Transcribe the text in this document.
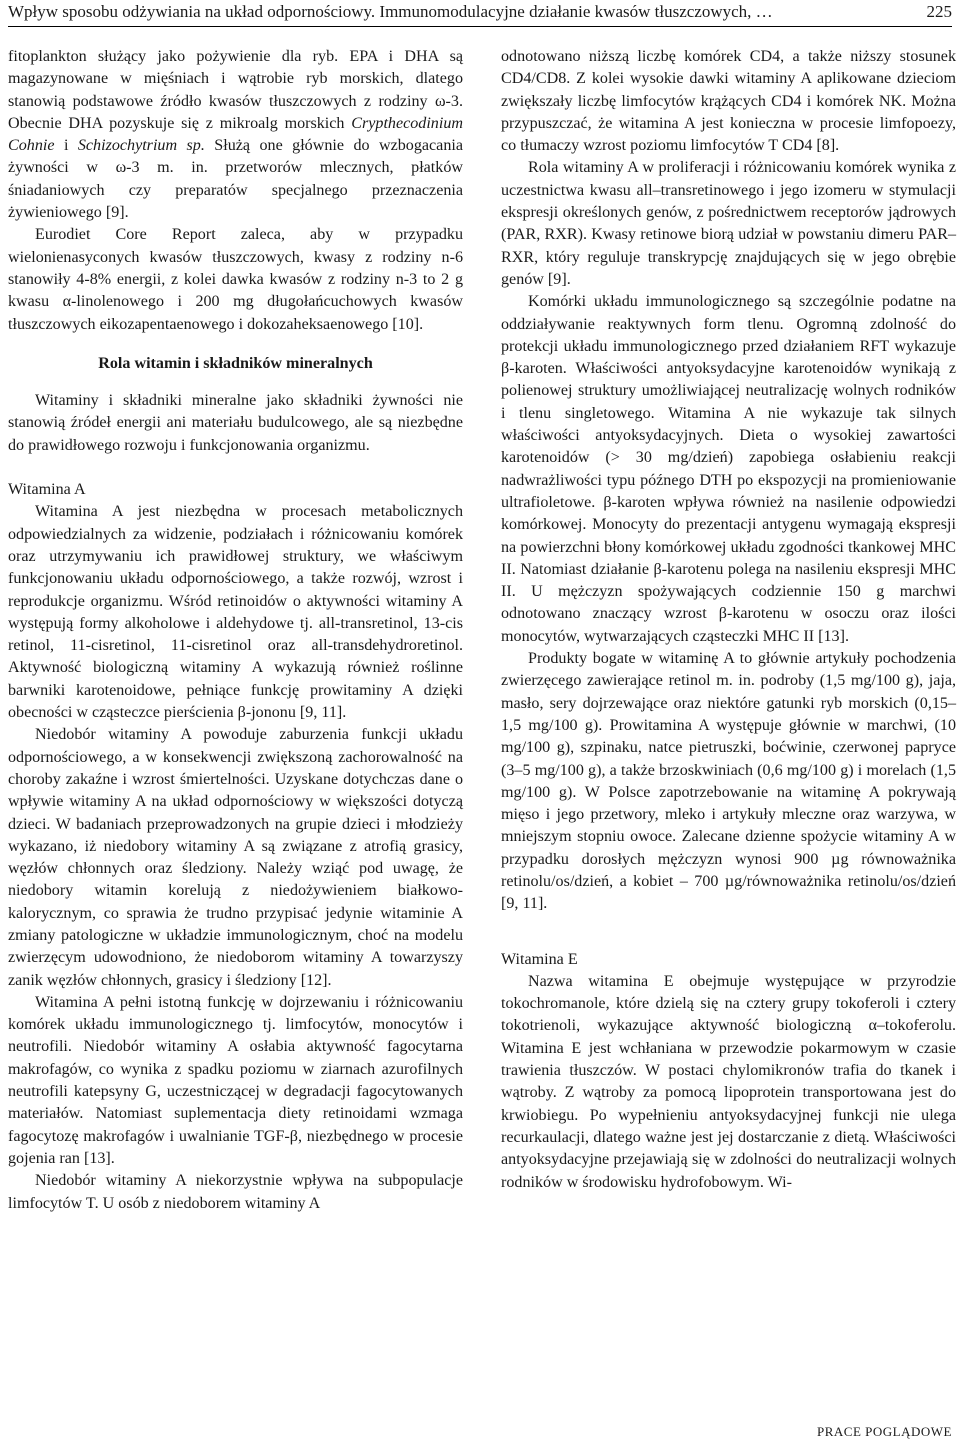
Wpływ sposobu odżywiania na układ odpornościowy. Immunomodulacyjne działanie kwasów tłuszczowych, …	225

fitoplankton służący jako pożywienie dla ryb. EPA i DHA są magazynowane w mięśniach i wątrobie ryb morskich, dlatego stanowią podstawowe źródło kwasów tłuszczowych z rodziny ω-3. Obecnie DHA pozyskuje się z mikroalg morskich Crypthecodinium Cohnie i Schizochytrium sp. Służą one głównie do wzbogacania żywności w ω-3 m. in. przetworów mlecznych, płatków śniadaniowych czy preparatów specjalnego przeznaczenia żywieniowego [9].

Eurodiet Core Report zaleca, aby w przypadku wielonienasyconych kwasów tłuszczowych, kwasy z rodziny n-6 stanowiły 4-8% energii, z kolei dawka kwasów z rodziny n-3 to 2 g kwasu α-linolenowego i 200 mg długołańcuchowych kwasów tłuszczowych eikozapentaenowego i dokozaheksaenowego [10].

Rola witamin i składników mineralnych

Witaminy i składniki mineralne jako składniki żywności nie stanowią źródeł energii ani materiału budulcowego, ale są niezbędne do prawidłowego rozwoju i funkcjonowania organizmu.

Witamina A

Witamina A jest niezbędna w procesach metabolicznych odpowiedzialnych za widzenie, podziałach i różnicowaniu komórek oraz utrzymywaniu ich prawidłowej struktury, we właściwym funkcjonowaniu układu odpornościowego, a także rozwój, wzrost i reprodukcje organizmu. Wśród retinoidów o aktywności witaminy A występują formy alkoholowe i aldehydowe tj. all-transretinol, 13-cis retinol, 11-cisretinol, 11-cisretinol oraz all-transdehydroretinol. Aktywność biologiczną witaminy A wykazują również roślinne barwniki karotenoidowe, pełniące funkcję prowitaminy A dzięki obecności w cząsteczce pierścienia β-jononu [9, 11].

Niedobór witaminy A powoduje zaburzenia funkcji układu odpornościowego, a w konsekwencji zwiększoną zachorowalność na choroby zakaźne i wzrost śmiertelności. Uzyskane dotychczas dane o wpływie witaminy A na układ odpornościowy w większości dotyczą dzieci. W badaniach przeprowadzonych na grupie dzieci i młodzieży wykazano, iż niedobory witaminy A są związane z atrofią grasicy, węzłów chłonnych oraz śledziony. Należy wziąć pod uwagę, że niedobory witamin korelują z niedożywieniem białkowo-kalorycznym, co sprawia że trudno przypisać jedynie witaminie A zmiany patologiczne w układzie immunologicznym, choć na modelu zwierzęcym udowodniono, że niedoborom witaminy A towarzyszy zanik węzłów chłonnych, grasicy i śledziony [12].

Witamina A pełni istotną funkcję w dojrzewaniu i różnicowaniu komórek układu immunologicznego tj. limfocytów, monocytów i neutrofili. Niedobór witaminy A osłabia aktywność fagocytarna makrofagów, co wynika z spadku poziomu w ziarnach azurofilnych neutrofili katepsyny G, uczestniczącej w degradacji fagocytowanych materiałów. Natomiast suplementacja diety retinoidami wzmaga fagocytozę makrofagów i uwalnianie TGF-β, niezbędnego w procesie gojenia ran [13].

Niedobór witaminy A niekorzystnie wpływa na subpopulacje limfocytów T. U osób z niedoborem witaminy A

odnotowano niższą liczbę komórek CD4, a także niższy stosunek CD4/CD8. Z kolei wysokie dawki witaminy A aplikowane dzieciom zwiększały liczbę limfocytów krążących CD4 i komórek NK. Można przypuszczać, że witamina A jest konieczna w procesie limfopoezy, co tłumaczy wzrost poziomu limfocytów T CD4 [8].

Rola witaminy A w proliferacji i różnicowaniu komórek wynika z uczestnictwa kwasu all–transretinowego i jego izomeru w stymulacji ekspresji określonych genów, z pośrednictwem receptorów jądrowych (PAR, RXR). Kwasy retinowe biorą udział w powstaniu dimeru PAR–RXR, który reguluje transkrypcję znajdujących się w jego obrębie genów [9].

Komórki układu immunologicznego są szczególnie podatne na oddziaływanie reaktywnych form tlenu. Ogromną zdolność do protekcji układu immunologicznego przed działaniem RFT wykazuje β-karoten. Właściwości antyoksydacyjne karotenoidów wynikają z polienowej struktury umożliwiającej neutralizację wolnych rodników i tlenu singletowego. Witamina A nie wykazuje tak silnych właściwości antyoksydacyjnych. Dieta o wysokiej zawartości karotenoidów (> 30 mg/dzień) zapobiega osłabieniu reakcji nadwrażliwości typu późnego DTH po ekspozycji na promieniowanie ultrafioletowe. β-karoten wpływa również na nasilenie odpowiedzi komórkowej. Monocyty do prezentacji antygenu wymagają ekspresji na powierzchni błony komórkowej układu zgodności tkankowej MHC II. Natomiast działanie β-karotenu polega na nasileniu ekspresji MHC II. U mężczyzn spożywających codziennie 150 g marchwi odnotowano znaczący wzrost β-karotenu w osoczu oraz ilości monocytów, wytwarzających cząsteczki MHC II [13].

Produkty bogate w witaminę A to głównie artykuły pochodzenia zwierzęcego zawierające retinol m. in. podroby (1,5 mg/100 g), jaja, masło, sery dojrzewające oraz niektóre gatunki ryb morskich (0,15–1,5 mg/100 g). Prowitamina A występuje głównie w marchwi, (10 mg/100 g), szpinaku, natce pietruszki, boćwinie, czerwonej papryce (3–5 mg/100 g), a także brzoskwiniach (0,6 mg/100 g) i morelach (1,5 mg/100 g). W Polsce zapotrzebowanie na witaminę A pokrywają mięso i jego przetwory, mleko i artykuły mleczne oraz warzywa, w mniejszym stopniu owoce. Zalecane dzienne spożycie witaminy A w przypadku dorosłych mężczyzn wynosi 900 µg równoważnika retinolu/os/dzień, a kobiet – 700 µg/równoważnika retinolu/os/dzień [9, 11].

Witamina E

Nazwa witamina E obejmuje występujące w przyrodzie tokochromanole, które dzielą się na cztery grupy tokoferoli i cztery tokotrienoli, wykazujące aktywność biologiczną α–tokoferolu. Witamina E jest wchłaniana w przewodzie pokarmowym w czasie trawienia tłuszczów. W postaci chylomikronów trafia do tkanek i wątroby. Z wątroby za pomocą lipoprotein transportowana jest do krwiobiegu. Po wypełnieniu antyoksydacyjnej funkcji nie ulega recurkaulacji, dlatego ważne jest jej dostarczanie z dietą. Właściwości antyoksydacyjne przejawiają się w zdolności do neutralizacji wolnych rodników w środowisku hydrofobowym. Wi-

PRACE POGLĄDOWE
